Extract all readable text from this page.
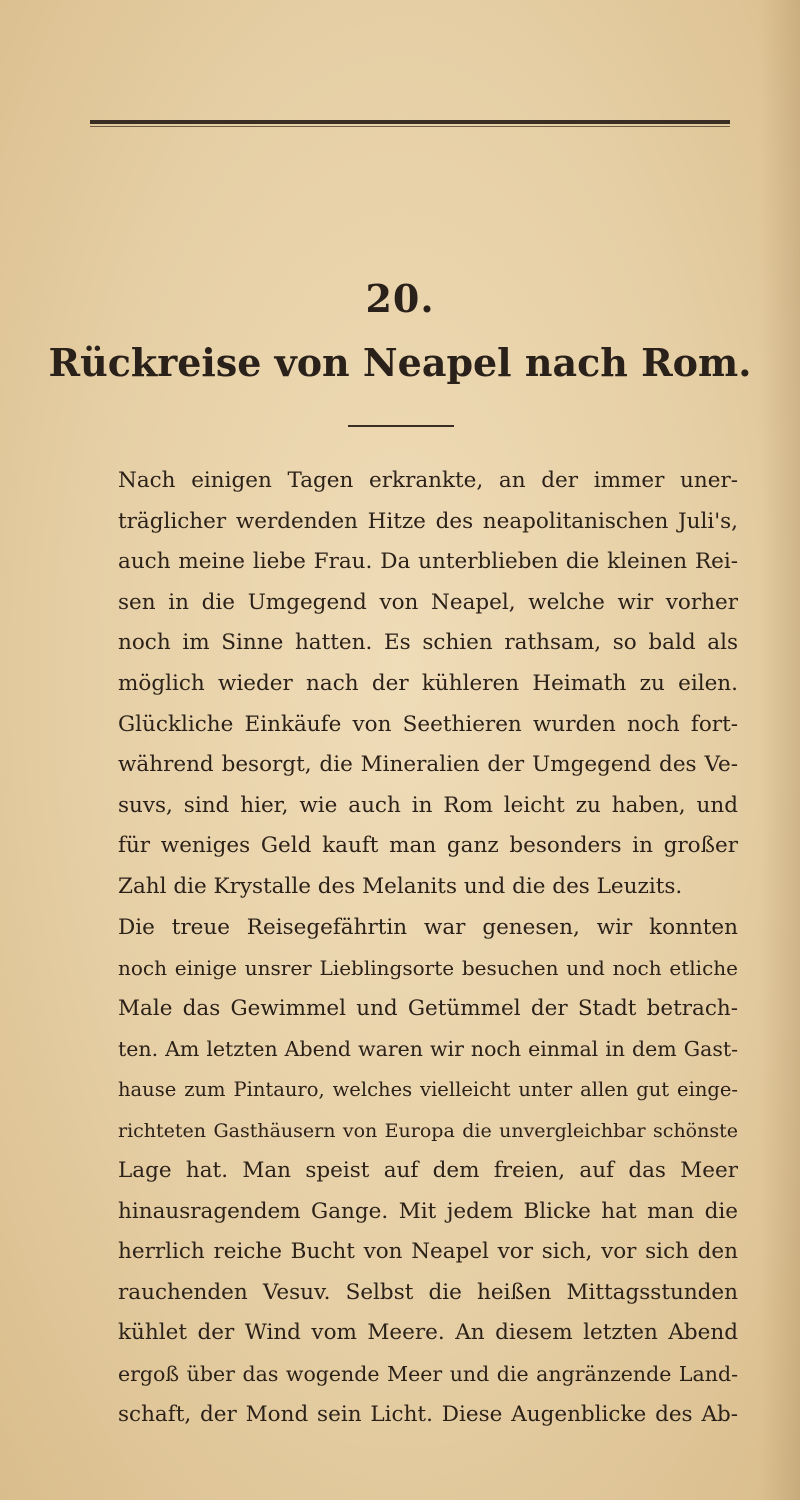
20.
Rückreise von Neapel nach Rom.
Nach einigen Tagen erkrankte, an der immer uner-
träglicher werdenden Hitze des neapolitanischen Juli's,
auch meine liebe Frau. Da unterblieben die kleinen Rei-
sen in die Umgegend von Neapel, welche wir vorher
noch im Sinne hatten. Es schien rathsam, so bald als
möglich wieder nach der kühleren Heimath zu eilen.
Glückliche Einkäufe von Seethieren wurden noch fort-
während besorgt, die Mineralien der Umgegend des Ve-
suvs, sind hier, wie auch in Rom leicht zu haben, und
für weniges Geld kauft man ganz besonders in großer
Zahl die Krystalle des Melanits und die des Leuzits.
Die treue Reisegefährtin war genesen, wir konnten
noch einige unsrer Lieblingsorte besuchen und noch etliche
Male das Gewimmel und Getümmel der Stadt betrach-
ten. Am letzten Abend waren wir noch einmal in dem Gast-
hause zum Pintauro, welches vielleicht unter allen gut einge-
richteten Gasthäusern von Europa die unvergleichbar schönste
Lage hat. Man speist auf dem freien, auf das Meer
hinausragendem Gange. Mit jedem Blicke hat man die
herrlich reiche Bucht von Neapel vor sich, vor sich den
rauchenden Vesuv. Selbst die heißen Mittagsstunden
kühlet der Wind vom Meere. An diesem letzten Abend
ergoß über das wogende Meer und die angränzende Land-
schaft, der Mond sein Licht. Diese Augenblicke des Ab-
